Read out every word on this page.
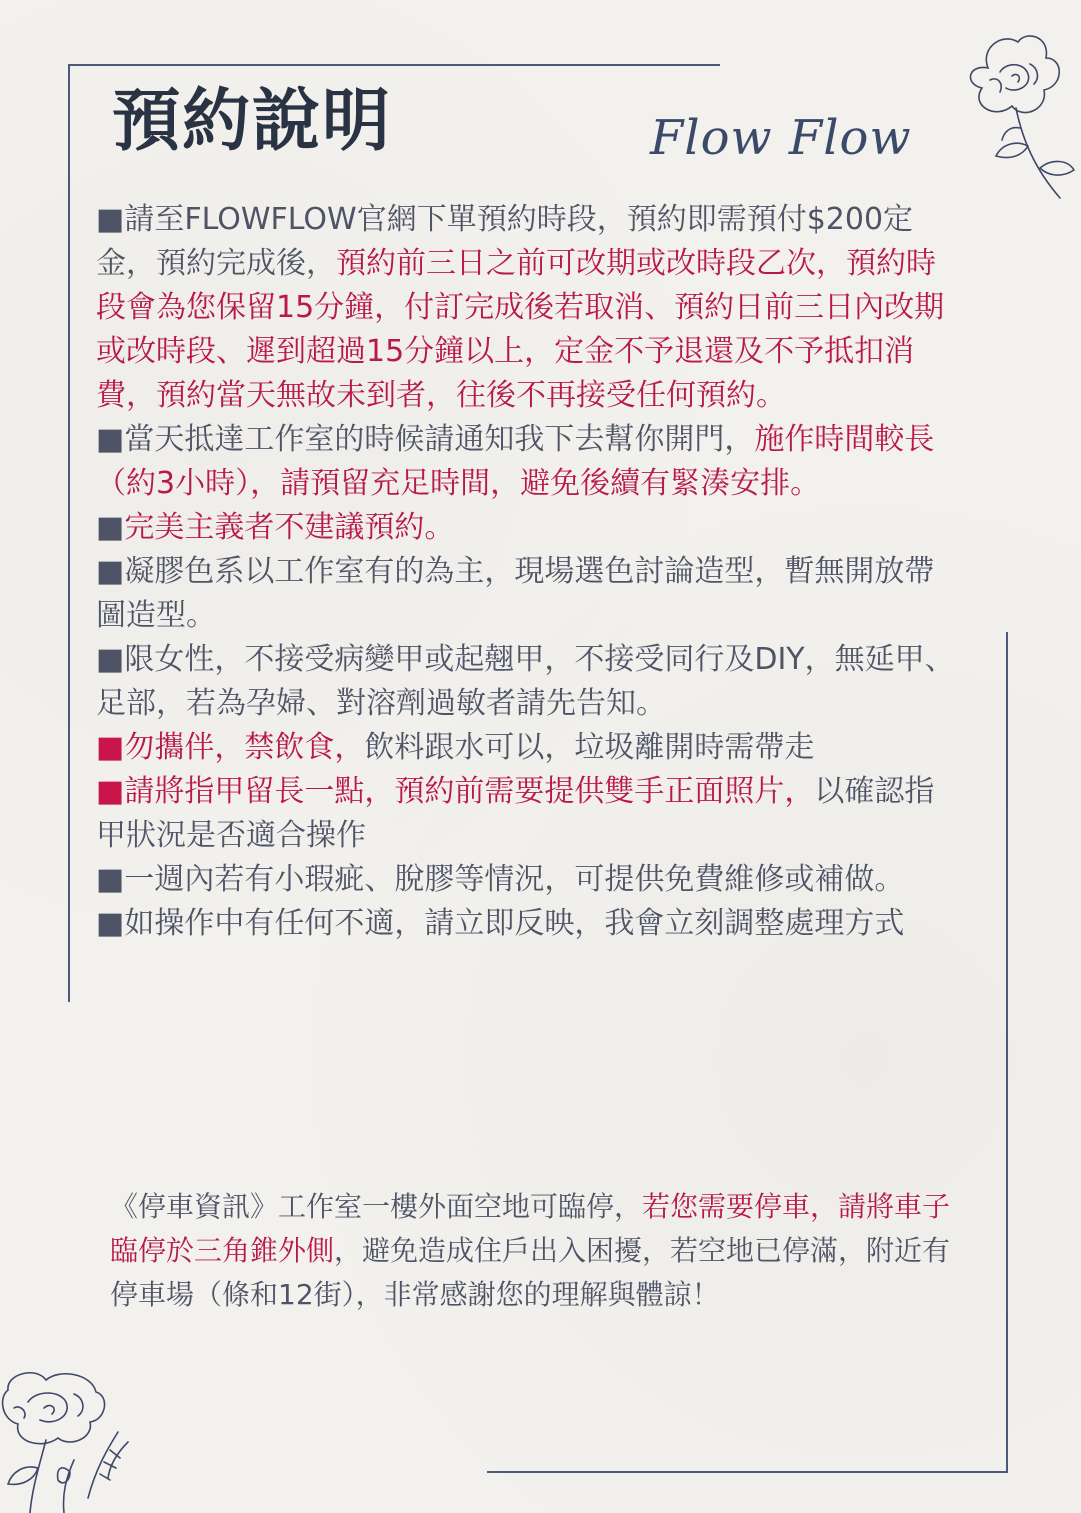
預約說明	Flow Flow

■請至FLOWFLOW官網下單預約時段，預約即需預付$200定金，預約完成後，預約前三日之前可改期或改時段乙次，預約時段會為您保留15分鐘，付訂完成後若取消、預約日前三日內改期或改時段、遲到超過15分鐘以上，定金不予退還及不予抵扣消費，預約當天無故未到者，往後不再接受任何預約。

■當天抵達工作室的時候請通知我下去幫你開門，施作時間較長（約3小時），請預留充足時間，避免後續有緊湊安排。

■完美主義者不建議預約。

■凝膠色系以工作室有的為主，現場選色討論造型，暫無開放帶圖造型。

■限女性，不接受病變甲或起翹甲，不接受同行及DIY，無延甲、足部，若為孕婦、對溶劑過敏者請先告知。

■勿攜伴，禁飲食，飲料跟水可以，垃圾離開時需帶走

■請將指甲留長一點，預約前需要提供雙手正面照片，以確認指甲狀況是否適合操作

■一週內若有小瑕疵、脫膠等情況，可提供免費維修或補做。

■如操作中有任何不適，請立即反映，我會立刻調整處理方式

《停車資訊》工作室一樓外面空地可臨停，若您需要停車，請將車子臨停於三角錐外側，避免造成住戶出入困擾，若空地已停滿，附近有停車場（條和12街），非常感謝您的理解與體諒！
